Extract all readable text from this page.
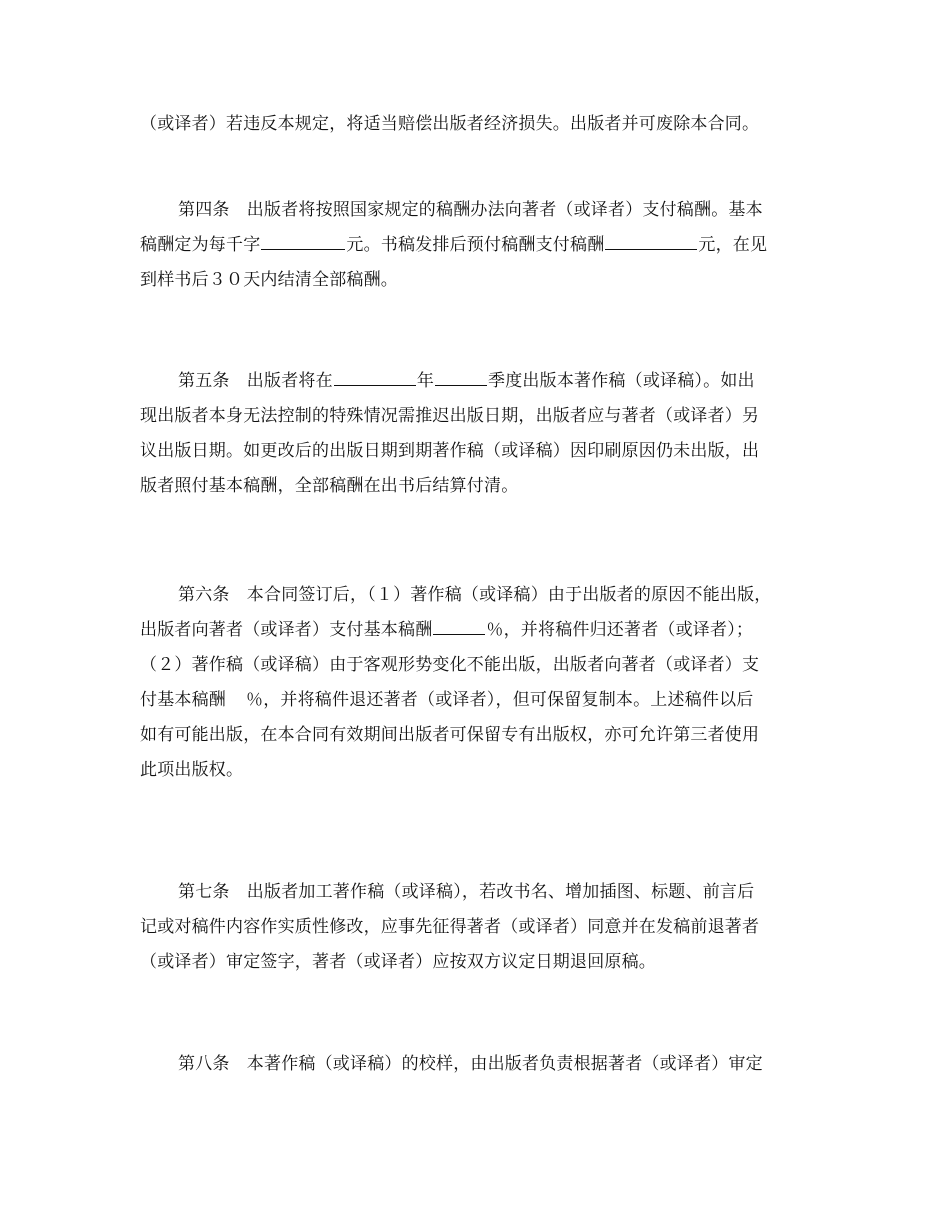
（或译者）若违反本规定，将适当赔偿出版者经济损失。出版者并可废除本合同。

第四条　出版者将按照国家规定的稿酬办法向著者（或译者）支付稿酬。基本
稿酬定为每千字	元。书稿发排后预付稿酬支付稿酬	元，在见
到样书后３０天内结清全部稿酬。

第五条　出版者将在	年	季度出版本著作稿（或译稿）。如出
现出版者本身无法控制的特殊情况需推迟出版日期，出版者应与著者（或译者）另
议出版日期。如更改后的出版日期到期著作稿（或译稿）因印刷原因仍未出版，出
版者照付基本稿酬，全部稿酬在出书后结算付清。

第六条　本合同签订后，（１）著作稿（或译稿）由于出版者的原因不能出版，
出版者向著者（或译者）支付基本稿酬	％，并将稿件归还著者（或译者）；
（２）著作稿（或译稿）由于客观形势变化不能出版，出版者向著者（或译者）支
付基本稿酬 ％，并将稿件退还著者（或译者），但可保留复制本。上述稿件以后
如有可能出版，在本合同有效期间出版者可保留专有出版权，亦可允许第三者使用
此项出版权。

第七条　出版者加工著作稿（或译稿），若改书名、增加插图、标题、前言后
记或对稿件内容作实质性修改，应事先征得著者（或译者）同意并在发稿前退著者
（或译者）审定签字，著者（或译者）应按双方议定日期退回原稿。

第八条　本著作稿（或译稿）的校样，由出版者负责根据著者（或译者）审定
